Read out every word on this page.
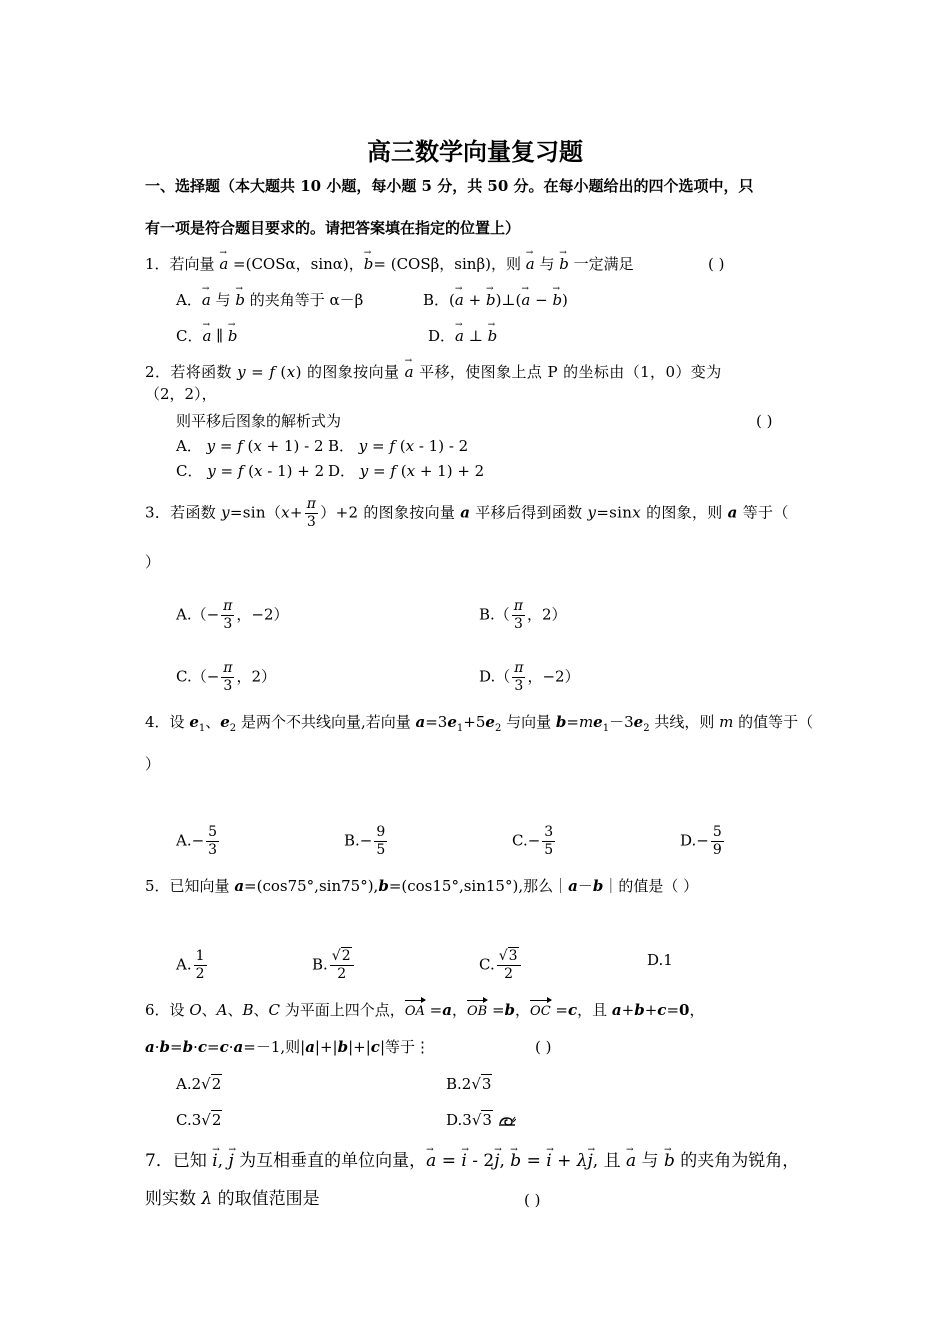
高三数学向量复习题
一、选择题（本大题共 10 小题，每小题 5 分，共 50 分。在每小题给出的四个选项中，只
有一项是符合题目要求的。请把答案填在指定的位置上）
1．若向量 → a =(COSα，sinα)，→ b= (COSβ，sinβ)，则 → a 与 → b 一定满足	( )
A．→ a 与 → b 的夹角等于 α－β	B．(→ a + → b)⊥(→ a − → b)
C．→ a ∥ → b	D．→ a ⊥ → b
2．若将函数 y = f (x) 的图象按向量 → a 平移，使图象上点 P 的坐标由（1，0）变为
（2，2），
则平移后图象的解析式为	( )
A． y = f (x + 1) - 2 B． y = f (x - 1) - 2
C． y = f (x - 1) + 2 D． y = f (x + 1) + 2
3．若函数 $y=\sin(x+ \frac{\pi}{3} )+2$ 的图象按向量 a 平移后得到函数 y=sinx 的图象，则 a 等于（
）
$A.(- \frac{\pi}{3}$ ，−2）	$B.( \frac{\pi}{3}$ ，2）
$C.(- \frac{\pi}{3}$ ，2）	$D.( \frac{\pi}{3}$ ，−2）
4．设 $e_1$、$e_2$ 是两个不共线向量,若向量 $a=3e_1+5e_2$ 与向量 $b=me_1-3e_2$ 共线，则 m 的值等于（
）
$A.- \frac{5}{3}$	$B.- \frac{9}{5}$	$C.- \frac{3}{5}$	$D.- \frac{5}{9}$
5．已知向量 a=(cos75°,sin75°),b=(cos15°,sin15°),那么｜a－b｜的值是（ ）
A. $\frac{1}{2}$	B. $\frac{√2}{2}$	C. $\frac{√3}{2}$	D.1
6．设 O、A、B、C 为平面上四个点，OA =a，OB =b，OC =c，且 a+b+c=0，
a·b=b·c=c·a=－1,则|a|+|b|+|c|等于⋮	( )
A.2√2	B.2√3
C.3√2	D.3√3
7．已知 → i, → j 为互相垂直的单位向量，→ a = → i - 2→ j, → b = → i + λ→ j, 且 → a 与 → b 的夹角为锐角，
则实数 λ 的取值范围是	( )
